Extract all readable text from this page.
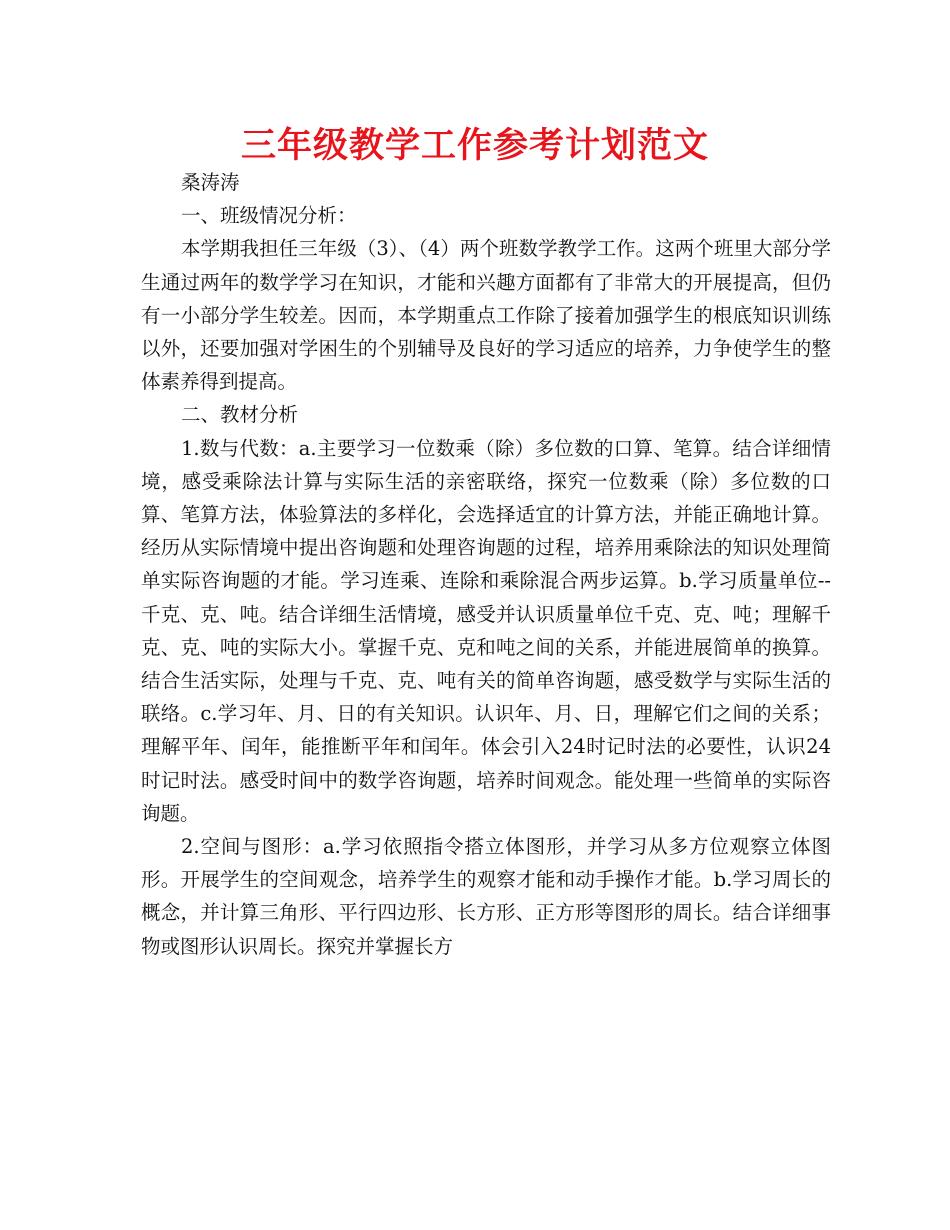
三年级教学工作参考计划范文

桑涛涛

一、班级情况分析：

本学期我担任三年级（3）、（4）两个班数学教学工作。这两个班里大部分学生通过两年的数学学习在知识，才能和兴趣方面都有了非常大的开展提高，但仍有一小部分学生较差。因而，本学期重点工作除了接着加强学生的根底知识训练以外，还要加强对学困生的个别辅导及良好的学习适应的培养，力争使学生的整体素养得到提高。

二、教材分析

1.数与代数：a.主要学习一位数乘（除）多位数的口算、笔算。结合详细情境，感受乘除法计算与实际生活的亲密联络，探究一位数乘（除）多位数的口算、笔算方法，体验算法的多样化，会选择适宜的计算方法，并能正确地计算。经历从实际情境中提出咨询题和处理咨询题的过程，培养用乘除法的知识处理简单实际咨询题的才能。学习连乘、连除和乘除混合两步运算。b.学习质量单位--千克、克、吨。结合详细生活情境，感受并认识质量单位千克、克、吨；理解千克、克、吨的实际大小。掌握千克、克和吨之间的关系，并能进展简单的换算。结合生活实际，处理与千克、克、吨有关的简单咨询题，感受数学与实际生活的联络。c.学习年、月、日的有关知识。认识年、月、日，理解它们之间的关系；理解平年、闰年，能推断平年和闰年。体会引入24时记时法的必要性，认识24时记时法。感受时间中的数学咨询题，培养时间观念。能处理一些简单的实际咨询题。

2.空间与图形：a.学习依照指令搭立体图形，并学习从多方位观察立体图形。开展学生的空间观念，培养学生的观察才能和动手操作才能。b.学习周长的概念，并计算三角形、平行四边形、长方形、正方形等图形的周长。结合详细事物或图形认识周长。探究并掌握长方
